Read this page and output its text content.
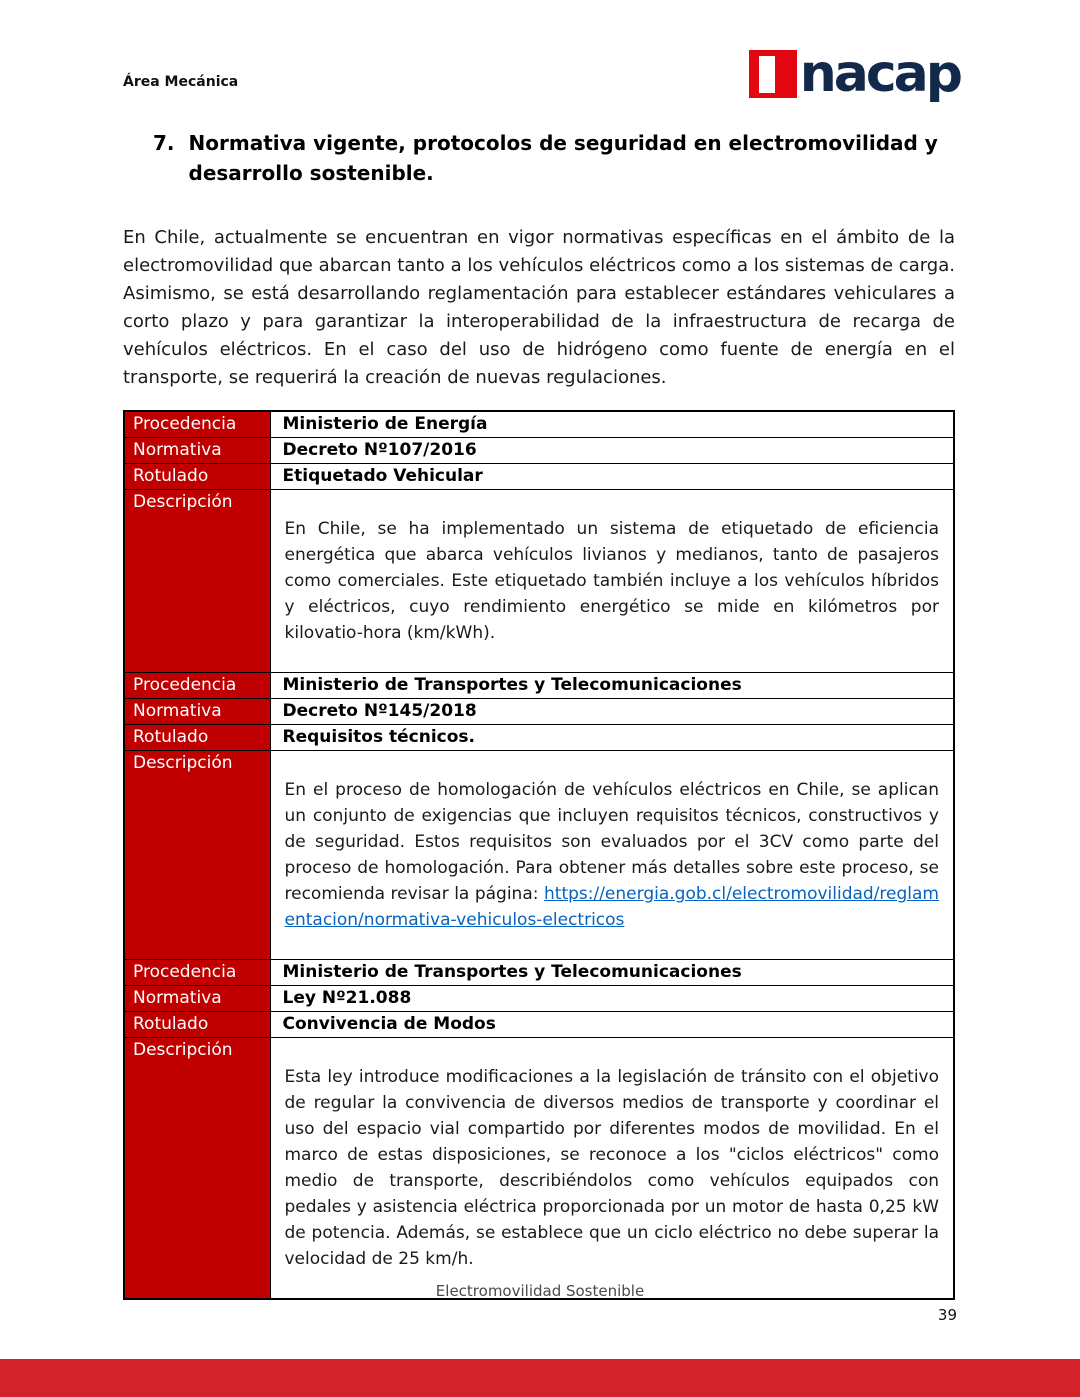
Área Mecánica	nacap
7. Normativa vigente, protocolos de seguridad en electromovilidad y desarrollo sostenible.

En Chile, actualmente se encuentran en vigor normativas específicas en el ámbito de la electromovilidad que abarcan tanto a los vehículos eléctricos como a los sistemas de carga. Asimismo, se está desarrollando reglamentación para establecer estándares vehiculares a corto plazo y para garantizar la interoperabilidad de la infraestructura de recarga de vehículos eléctricos. En el caso del uso de hidrógeno como fuente de energía en el transporte, se requerirá la creación de nuevas regulaciones.

Procedencia	Ministerio de Energía
Normativa	Decreto Nº107/2016
Rotulado	Etiquetado Vehicular
Descripción	En Chile, se ha implementado un sistema de etiquetado de eficiencia energética que abarca vehículos livianos y medianos, tanto de pasajeros como comerciales. Este etiquetado también incluye a los vehículos híbridos y eléctricos, cuyo rendimiento energético se mide en kilómetros por kilovatio-hora (km/kWh).
Procedencia	Ministerio de Transportes y Telecomunicaciones
Normativa	Decreto Nº145/2018
Rotulado	Requisitos técnicos.
Descripción	En el proceso de homologación de vehículos eléctricos en Chile, se aplican un conjunto de exigencias que incluyen requisitos técnicos, constructivos y de seguridad. Estos requisitos son evaluados por el 3CV como parte del proceso de homologación. Para obtener más detalles sobre este proceso, se recomienda revisar la página: https://energia.gob.cl/electromovilidad/reglamentacion/normativa-vehiculos-electricos
Procedencia	Ministerio de Transportes y Telecomunicaciones
Normativa	Ley Nº21.088
Rotulado	Convivencia de Modos
Descripción	Esta ley introduce modificaciones a la legislación de tránsito con el objetivo de regular la convivencia de diversos medios de transporte y coordinar el uso del espacio vial compartido por diferentes modos de movilidad. En el marco de estas disposiciones, se reconoce a los "ciclos eléctricos" como medio de transporte, describiéndolos como vehículos equipados con pedales y asistencia eléctrica proporcionada por un motor de hasta 0,25 kW de potencia. Además, se establece que un ciclo eléctrico no debe superar la velocidad de 25 km/h.
Electromovilidad Sostenible
39
